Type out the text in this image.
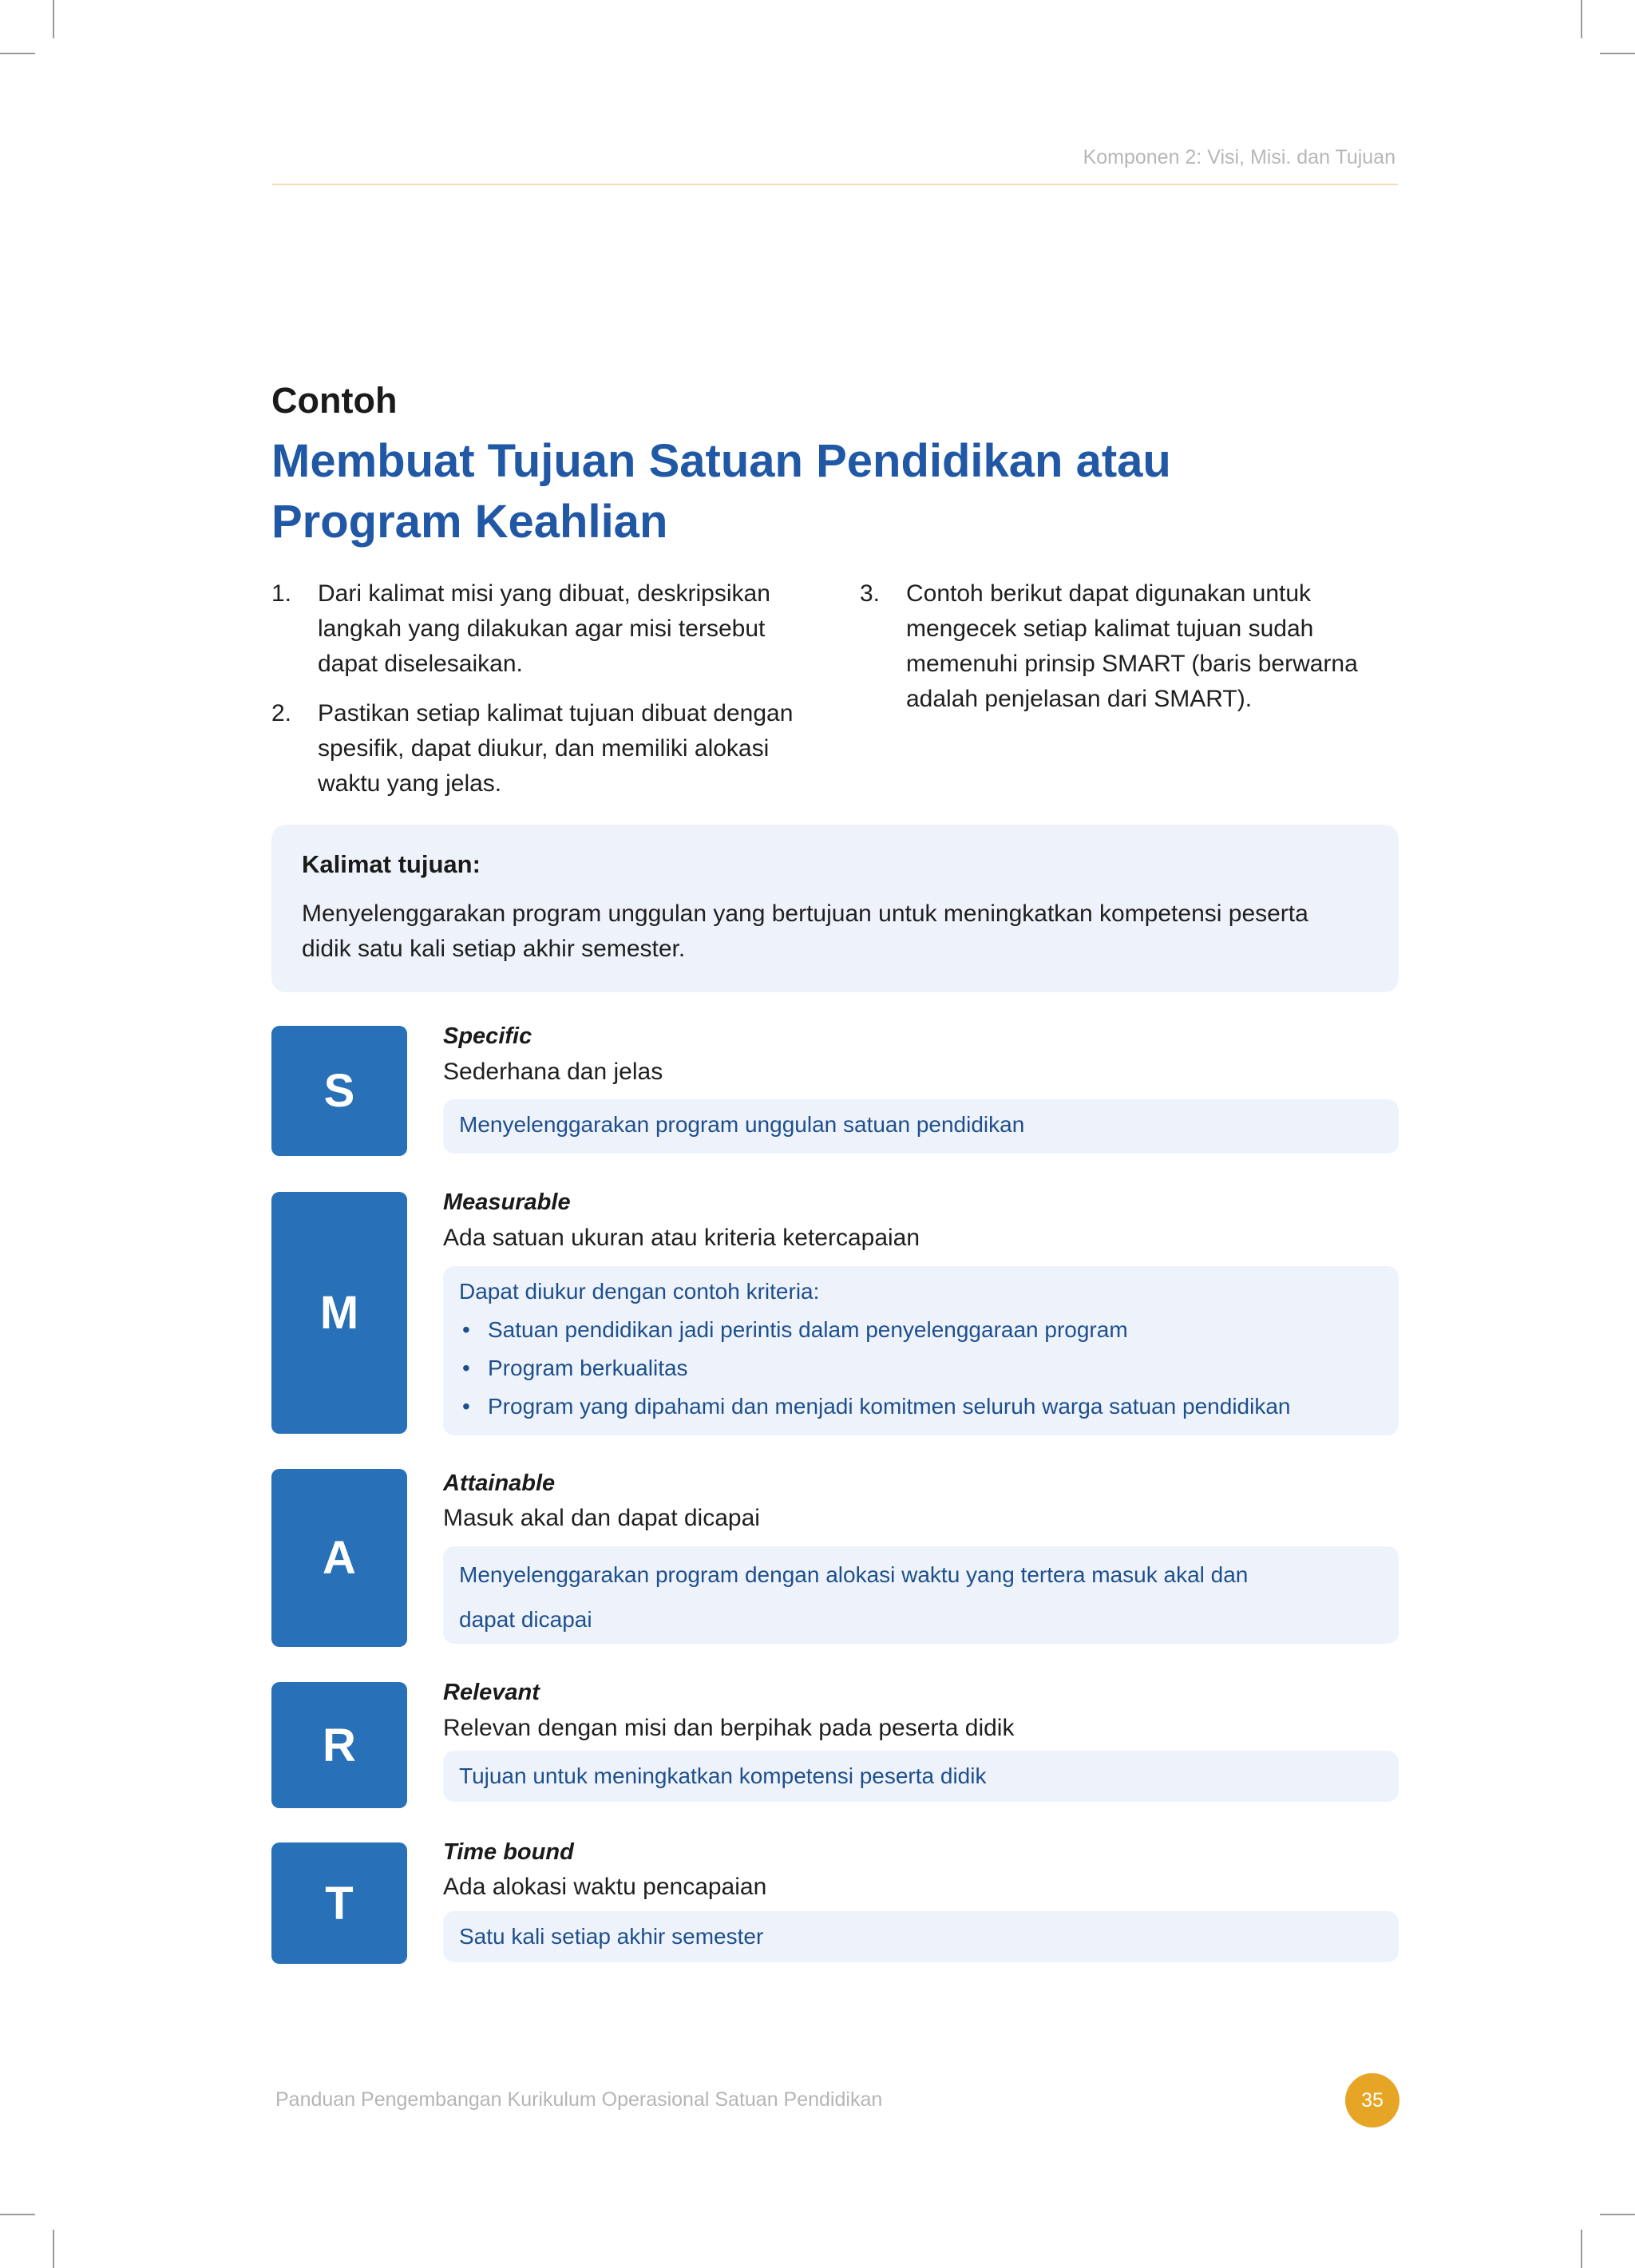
Komponen 2: Visi, Misi. dan Tujuan
Contoh
Membuat Tujuan Satuan Pendidikan atau Program Keahlian
1. Dari kalimat misi yang dibuat, deskripsikan langkah yang dilakukan agar misi tersebut dapat diselesaikan.
2. Pastikan setiap kalimat tujuan dibuat dengan spesifik, dapat diukur, dan memiliki alokasi waktu yang jelas.
3. Contoh berikut dapat digunakan untuk mengecek setiap kalimat tujuan sudah memenuhi prinsip SMART (baris berwarna adalah penjelasan dari SMART).
Kalimat tujuan:
Menyelenggarakan program unggulan yang bertujuan untuk meningkatkan kompetensi peserta didik satu kali setiap akhir semester.
S
Specific
Sederhana dan jelas
Menyelenggarakan program unggulan satuan pendidikan
M
Measurable
Ada satuan ukuran atau kriteria ketercapaian
Dapat diukur dengan contoh kriteria:
• Satuan pendidikan jadi perintis dalam penyelenggaraan program
• Program berkualitas
• Program yang dipahami dan menjadi komitmen seluruh warga satuan pendidikan
A
Attainable
Masuk akal dan dapat dicapai
Menyelenggarakan program dengan alokasi waktu yang tertera masuk akal dan
dapat dicapai
R
Relevant
Relevan dengan misi dan berpihak pada peserta didik
Tujuan untuk meningkatkan kompetensi peserta didik
T
Time bound
Ada alokasi waktu pencapaian
Satu kali setiap akhir semester
Panduan Pengembangan Kurikulum Operasional Satuan Pendidikan	35
